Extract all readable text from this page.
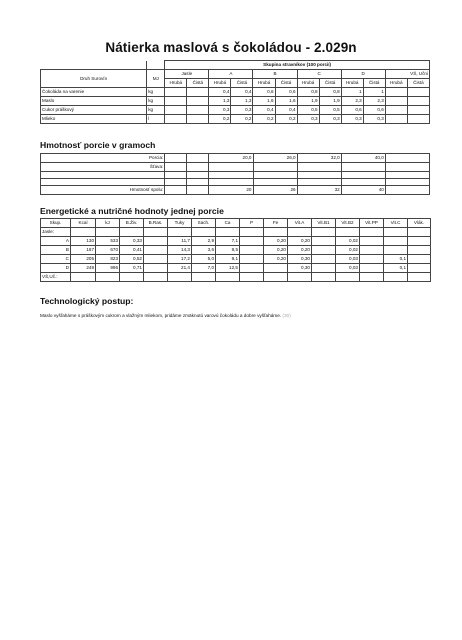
Nátierka maslová s čokoládou - 2.029n
		Skupina stravníkov (100 porcií)											
Druh Surovín	MJ	Jasle		A		B		C		D		VŠ, Učni	
		Hrubá	Čistá	Hrubá	Čistá	Hrubá	Čistá	Hrubá	Čistá	Hrubá	Čistá	Hrubá	Čistá
Čokoláda na varenie	kg			0,4	0,4	0,6	0,6	0,8	0,8	1	1		
Maslo	kg			1,3	1,3	1,6	1,6	1,9	1,9	2,3	2,3		
Cukor práškový	kg			0,3	0,3	0,4	0,4	0,5	0,5	0,6	0,6		
Mlieko	l			0,2	0,2	0,2	0,2	0,3	0,3	0,3	0,3		
Hmotnosť porcie v gramoch
Porcia:			20,0	26,0	32,0	40,0	
Šťava:							

Hmotnosť spolu:			20	26	32	40	
Energetické a nutričné hodnoty jednej porcie
Skup.	Kcal	kJ	B.Živ.	B.Ras.	Tuky	Sach.	Ca	P	Fe	Vit.A	Vit.B1	Vit.B2	Vit.PP	Vit.C	Vlák.
Jasle:															
A	130	533	0,33		11,7	2,9	7,1		0,20	0,20		0,02			
B	167	670	0,41		14,3	3,6	8,5		0,20	0,20		0,02			
C	205	823	0,52		17,2	5,0	9,1		0,20	0,30		0,03		0,1	
D	249	996	0,71		21,4	7,0	12,5			0,30		0,03		0,1	
VŠ,Uč.:															
Technologický postup:
Maslo vyšľaháme s práškovým cukrom a vlažným mliekom, pridáme zmäknutú varovú čokoládu a dobre vyšľaháme. (30)
